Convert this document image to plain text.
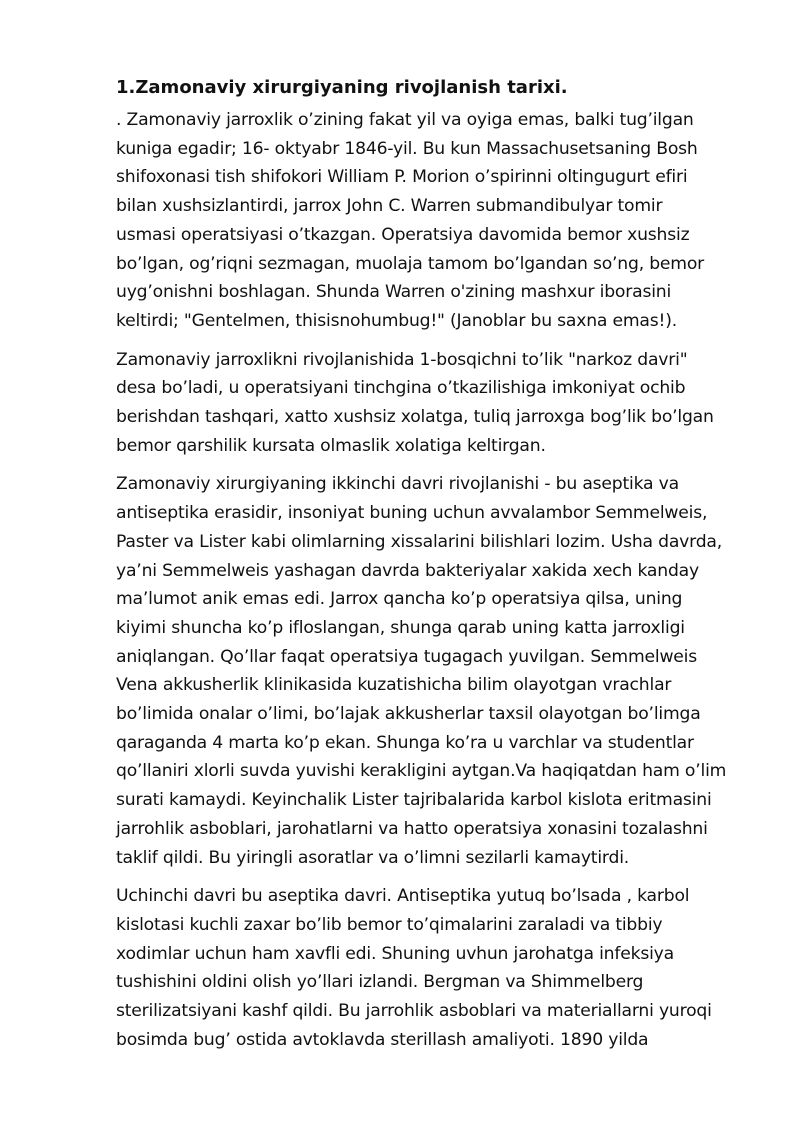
1.Zamonaviy xirurgiyaning rivojlanish tarixi.
. Zamonaviy jarroxlik o’zining fakat yil va oyiga emas, balki tug’ilgan
kuniga egadir; 16- oktyabr 1846-yil. Bu kun Massachusetsaning Bosh
shifoxonasi tish shifokori William P. Morion o’spirinni oltingugurt efiri
bilan xushsizlantirdi, jarrox John C. Warren submandibulyar tomir
usmasi operatsiyasi o’tkazgan. Operatsiya davomida bemor xushsiz
bo’lgan, og’riqni sezmagan, muolaja tamom bo’lgandan so’ng, bemor
uyg’onishni boshlagan. Shunda Warren o'zining mashxur iborasini
keltirdi; "Gentelmen, thisisnohumbug!" (Janoblar bu saxna emas!).
Zamonaviy jarroxlikni rivojlanishida 1-bosqichni to’lik "narkoz davri"
desa bo’ladi, u operatsiyani tinchgina o’tkazilishiga imkoniyat ochib
berishdan tashqari, xatto xushsiz xolatga, tuliq jarroxga bog’lik bo’lgan
bemor qarshilik kursata olmaslik xolatiga keltirgan.
Zamonaviy xirurgiyaning ikkinchi davri rivojlanishi - bu aseptika va
antiseptika erasidir, insoniyat buning uchun avvalambor Semmelweis,
Paster va Lister kabi olimlarning xissalarini bilishlari lozim. Usha davrda,
ya’ni Semmelweis yashagan davrda bakteriyalar xakida xech kanday
ma’lumot anik emas edi. Jarrox qancha ko’p operatsiya qilsa, uning
kiyimi shuncha ko’p ifloslangan, shunga qarab uning katta jarroxligi
aniqlangan. Qo’llar faqat operatsiya tugagach yuvilgan. Semmelweis
Vena akkusherlik klinikasida kuzatishicha bilim olayotgan vrachlar
bo’limida onalar o’limi, bo’lajak akkusherlar taxsil olayotgan bo’limga
qaraganda 4 marta ko’p ekan. Shunga ko’ra u varchlar va studentlar
qo’llaniri xlorli suvda yuvishi kerakligini aytgan.Va haqiqatdan ham o’lim
surati kamaydi. Keyinchalik Lister tajribalarida karbol kislota eritmasini
jarrohlik asboblari, jarohatlarni va hatto operatsiya xonasini tozalashni
taklif qildi. Bu yiringli asoratlar va o’limni sezilarli kamaytirdi.
Uchinchi davri bu aseptika davri. Antiseptika yutuq bo’lsada , karbol
kislotasi kuchli zaxar bo’lib bemor to’qimalarini zaraladi va tibbiy
xodimlar uchun ham xavfli edi. Shuning uvhun jarohatga infeksiya
tushishini oldini olish yo’llari izlandi. Bergman va Shimmelberg
sterilizatsiyani kashf qildi. Bu jarrohlik asboblari va materiallarni yuroqi
bosimda bug’ ostida avtoklavda sterillash amaliyoti. 1890 yilda
